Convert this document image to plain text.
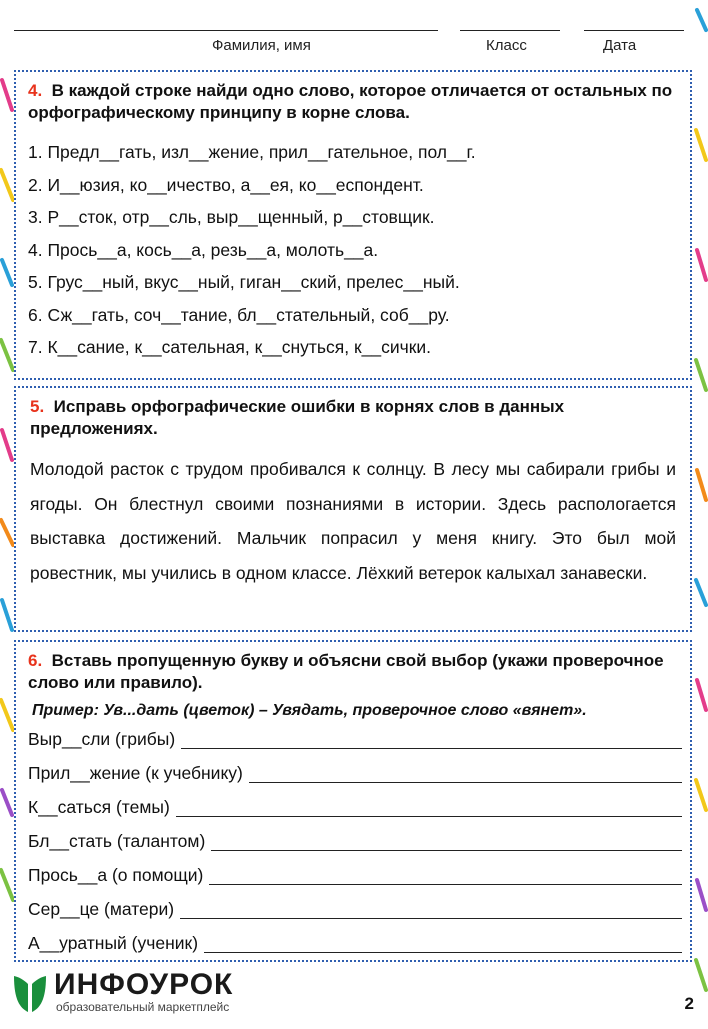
Фамилия, имя	Класс	Дата
4. В каждой строке найди одно слово, которое отличается от остальных по орфографическому принципу в корне слова.
1. Предл__гать, изл__жение, прил__гательное, пол__г.
2. И__юзия, ко__ичество, а__ея, ко__еспондент.
3. Р__сток, отр__сль, выр__щенный, р__стовщик.
4. Прось__а, кось__а, резь__а, молоть__а.
5. Грус__ный, вкус__ный, гиган__ский, прелес__ный.
6. Сж__гать, соч__тание, бл__стательный, соб__ру.
7. К__сание, к__сательная, к__снуться, к__сички.
5. Исправь орфографические ошибки в корнях слов в данных предложениях.
Молодой расток с трудом пробивался к солнцу. В лесу мы сабирали грибы и ягоды. Он блестнул своими познаниями в истории. Здесь распологается выставка достижений. Мальчик попрасил у меня книгу. Это был мой ровестник, мы учились в одном классе. Лёхкий ветерок калыхал занавески.
6. Вставь пропущенную букву и объясни свой выбор (укажи проверочное слово или правило).
Пример: Ув...дать (цветок) – Увядать, проверочное слово «вянет».
Выр__сли (грибы)
Прил__жение (к учебнику)
К__саться (темы)
Бл__стать (талантом)
Прось__а (о помощи)
Сер__це (матери)
А__уратный (ученик)
ИНФОУРОК
образовательный маркетплейс	2
